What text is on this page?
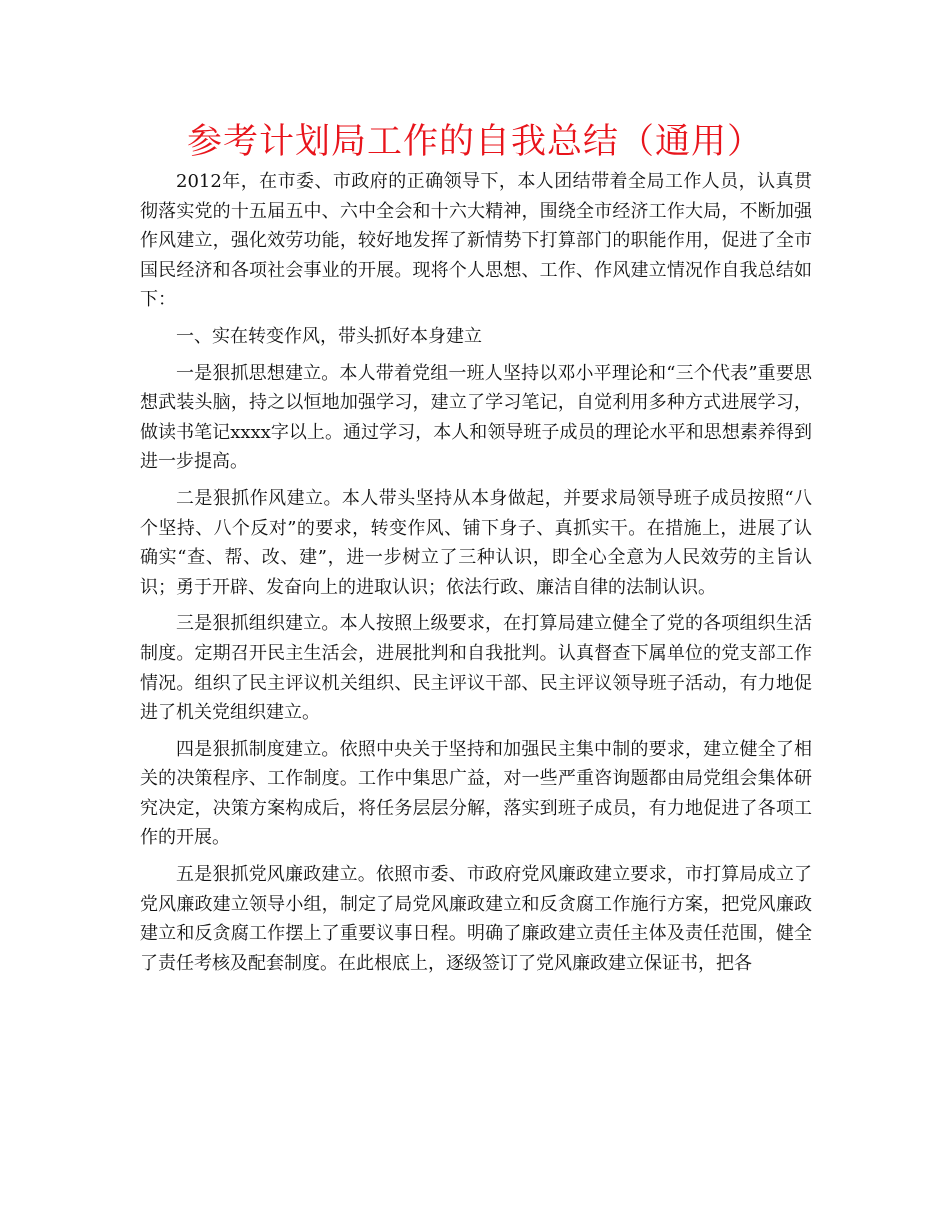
参考计划局工作的自我总结（通用）

2012年，在市委、市政府的正确领导下，本人团结带着全局工作人员，认真贯彻落实党的十五届五中、六中全会和十六大精神，围绕全市经济工作大局，不断加强作风建立，强化效劳功能，较好地发挥了新情势下打算部门的职能作用，促进了全市国民经济和各项社会事业的开展。现将个人思想、工作、作风建立情况作自我总结如下：

一、实在转变作风，带头抓好本身建立

一是狠抓思想建立。本人带着党组一班人坚持以邓小平理论和“三个代表”重要思想武装头脑，持之以恒地加强学习，建立了学习笔记，自觉利用多种方式进展学习，做读书笔记xxxx字以上。通过学习，本人和领导班子成员的理论水平和思想素养得到进一步提高。

二是狠抓作风建立。本人带头坚持从本身做起，并要求局领导班子成员按照“八个坚持、八个反对”的要求，转变作风、铺下身子、真抓实干。在措施上，进展了认确实“查、帮、改、建”，进一步树立了三种认识，即全心全意为人民效劳的主旨认识；勇于开辟、发奋向上的进取认识；依法行政、廉洁自律的法制认识。

三是狠抓组织建立。本人按照上级要求，在打算局建立健全了党的各项组织生活制度。定期召开民主生活会，进展批判和自我批判。认真督查下属单位的党支部工作情况。组织了民主评议机关组织、民主评议干部、民主评议领导班子活动，有力地促进了机关党组织建立。

四是狠抓制度建立。依照中央关于坚持和加强民主集中制的要求，建立健全了相关的决策程序、工作制度。工作中集思广益，对一些严重咨询题都由局党组会集体研究决定，决策方案构成后，将任务层层分解，落实到班子成员，有力地促进了各项工作的开展。

五是狠抓党风廉政建立。依照市委、市政府党风廉政建立要求，市打算局成立了党风廉政建立领导小组，制定了局党风廉政建立和反贪腐工作施行方案，把党风廉政建立和反贪腐工作摆上了重要议事日程。明确了廉政建立责任主体及责任范围，健全了责任考核及配套制度。在此根底上，逐级签订了党风廉政建立保证书，把各
